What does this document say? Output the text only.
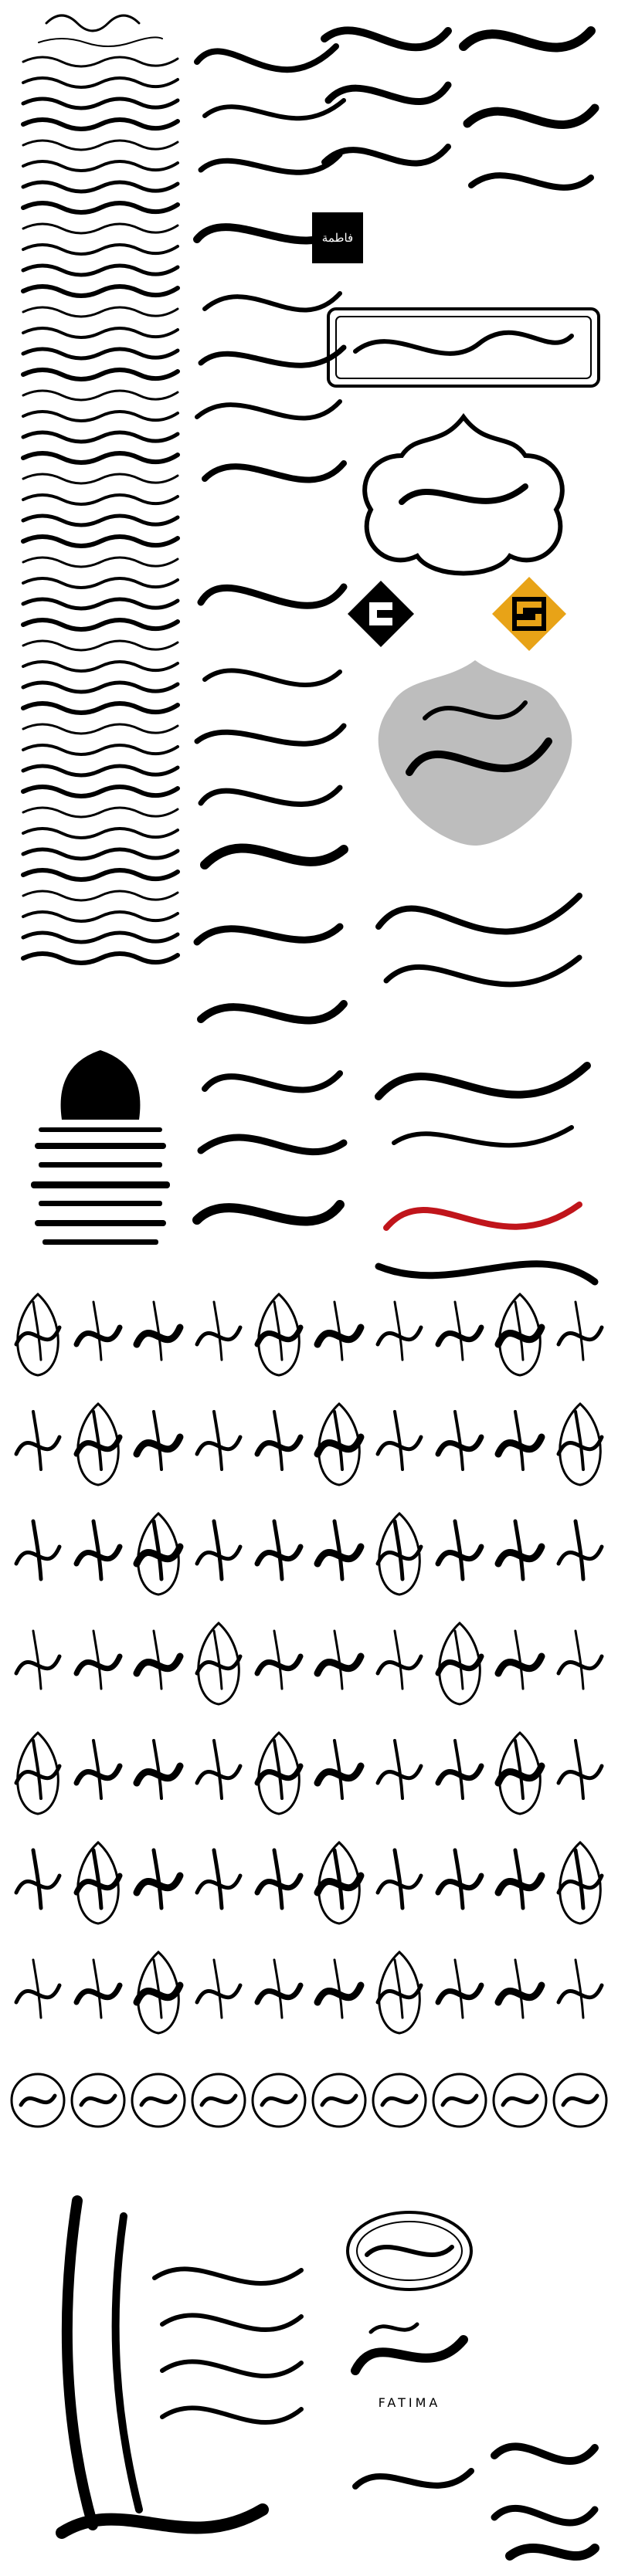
فاطمة
FATIMA
